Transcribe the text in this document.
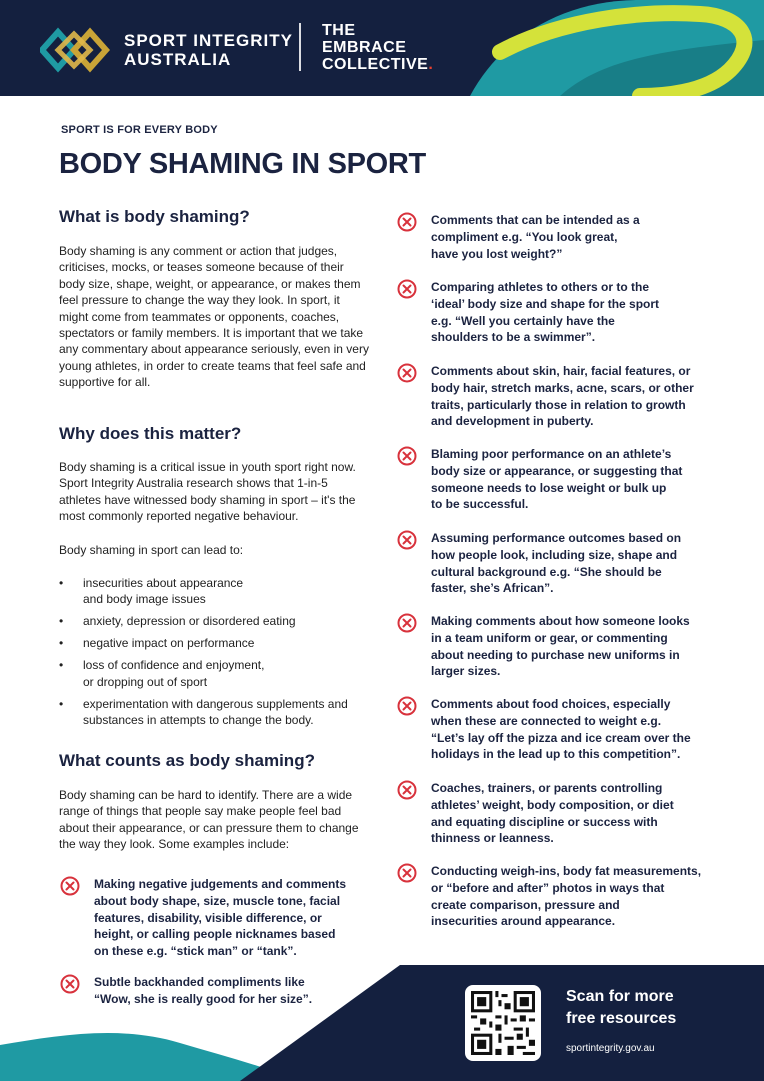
SPORT INTEGRITY
AUSTRALIA
THE
EMBRACE
COLLECTIVE.
SPORT IS FOR EVERY BODY
BODY SHAMING IN SPORT
What is body shaming?

Body shaming is any comment or action that judges, criticises, mocks, or teases someone because of their body size, shape, weight, or appearance, or makes them feel pressure to change the way they look. In sport, it might come from teammates or opponents, coaches, spectators or family members. It is important that we take any commentary about appearance seriously, even in very young athletes, in order to create teams that feel safe and supportive for all.

Why does this matter?

Body shaming is a critical issue in youth sport right now. Sport Integrity Australia research shows that 1-in-5 athletes have witnessed body shaming in sport – it's the most commonly reported negative behaviour.

Body shaming in sport can lead to:

• insecurities about appearance
and body image issues
• anxiety, depression or disordered eating
• negative impact on performance
• loss of confidence and enjoyment,
or dropping out of sport
• experimentation with dangerous supplements and substances in attempts to change the body.
What counts as body shaming?

Body shaming can be hard to identify. There are a wide range of things that people say make people feel bad about their appearance, or can pressure them to change the way they look. Some examples include:

Making negative judgements and comments
about body shape, size, muscle tone, facial
features, disability, visible difference, or
height, or calling people nicknames based
on these e.g. “stick man” or “tank”.
Subtle backhanded compliments like
“Wow, she is really good for her size”.
Comments that can be intended as a
compliment e.g. “You look great,
have you lost weight?”
Comparing athletes to others or to the
‘ideal’ body size and shape for the sport
e.g. “Well you certainly have the
shoulders to be a swimmer”.
Comments about skin, hair, facial features, or
body hair, stretch marks, acne, scars, or other
traits, particularly those in relation to growth
and development in puberty.
Blaming poor performance on an athlete’s
body size or appearance, or suggesting that
someone needs to lose weight or bulk up
to be successful.
Assuming performance outcomes based on
how people look, including size, shape and
cultural background e.g. “She should be
faster, she’s African”.
Making comments about how someone looks
in a team uniform or gear, or commenting
about needing to purchase new uniforms in
larger sizes.
Comments about food choices, especially
when these are connected to weight e.g.
“Let’s lay off the pizza and ice cream over the
holidays in the lead up to this competition”.
Coaches, trainers, or parents controlling
athletes’ weight, body composition, or diet
and equating discipline or success with
thinness or leanness.
Conducting weigh-ins, body fat measurements,
or “before and after” photos in ways that
create comparison, pressure and
insecurities around appearance.
Scan for more
free resources
sportintegrity.gov.au
